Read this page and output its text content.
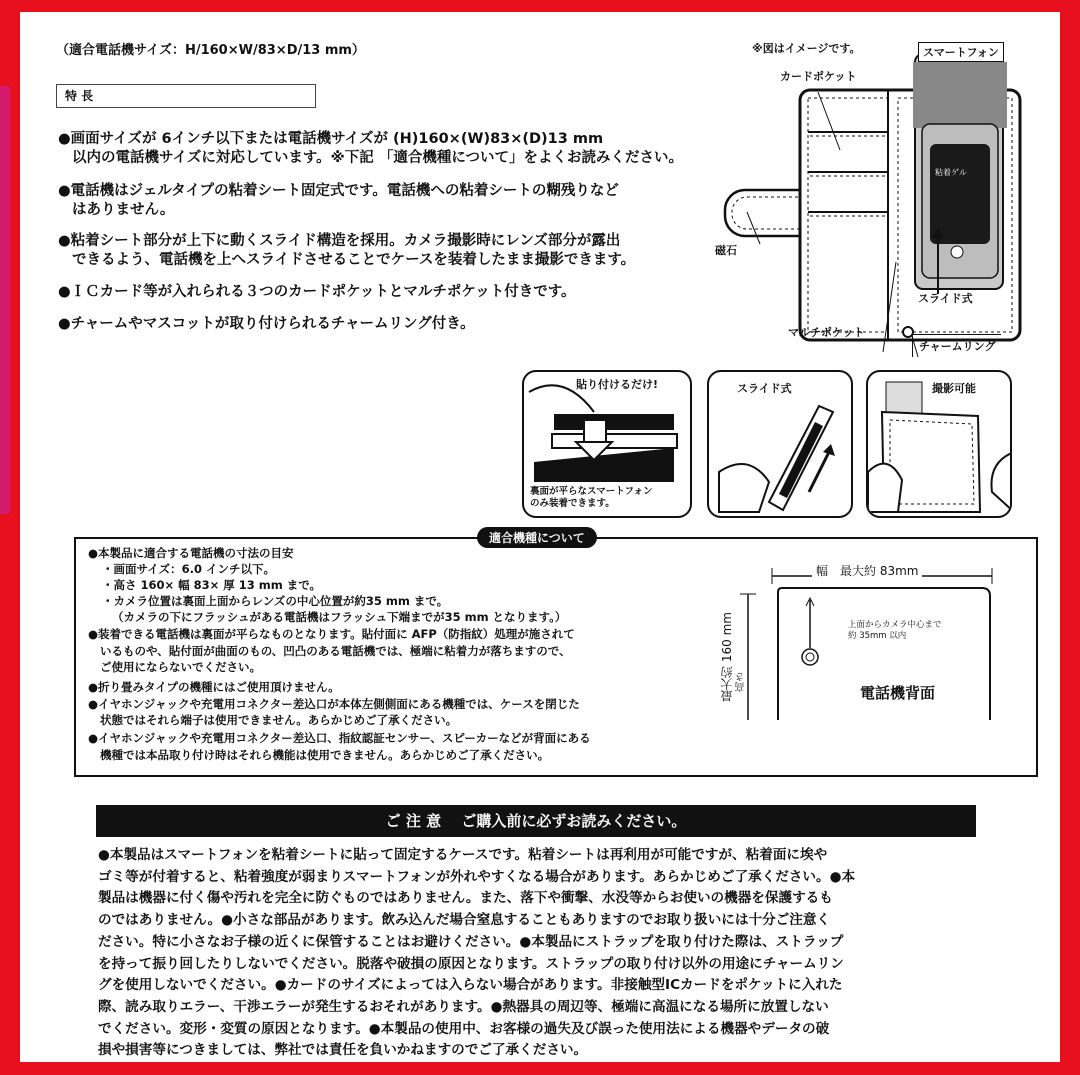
（適合電話機サイズ：H/160×W/83×D/13 mm）
特 長
●画面サイズが 6インチ以下または電話機サイズが (H)160×(W)83×(D)13 mm
以内の電話機サイズに対応しています。※下記 「適合機種について」をよくお読みください。
●電話機はジェルタイプの粘着シート固定式です。電話機への粘着シートの糊残りなど
はありません。
●粘着シート部分が上下に動くスライド構造を採用。カメラ撮影時にレンズ部分が露出
できるよう、電話機を上へスライドさせることでケースを装着したまま撮影できます。
●ＩＣカード等が入れられる３つのカードポケットとマルチポケット付きです。
●チャームやマスコットが取り付けられるチャームリング付き。
※図はイメージです。	スマートフォン
カードポケット
磁石
粘着ゲル
スライド式
マルチポケット
チャームリング
貼り付けるだけ!
裏面が平らなスマートフォン
のみ装着できます。
スライド式	撮影可能
適合機種について
●本製品に適合する電話機の寸法の目安
・画面サイズ：6.0 インチ以下。
・高さ 160× 幅 83× 厚 13 mm まで。
・カメラ位置は裏面上面からレンズの中心位置が約35 mm まで。
（カメラの下にフラッシュがある電話機はフラッシュ下端までが35 mm となります。）
●装着できる電話機は裏面が平らなものとなります。貼付面に AFP（防指紋）処理が施されて
いるものや、貼付面が曲面のもの、凹凸のある電話機では、極端に粘着力が落ちますので、
ご使用にならないでください。
●折り畳みタイプの機種にはご使用頂けません。
●イヤホンジャックや充電用コネクター差込口が本体左側側面にある機種では、ケースを閉じた
状態ではそれら端子は使用できません。あらかじめご了承ください。
●イヤホンジャックや充電用コネクター差込口、指紋認証センサー、スピーカーなどが背面にある
機種では本品取り付け時はそれら機能は使用できません。あらかじめご了承ください。
幅　最大約 83mm
上面からカメラ中心まで
約 35mm 以内
電話機背面
最大約 160 mm 高さ
ご 注 意　 ご購入前に必ずお読みください。
●本製品はスマートフォンを粘着シートに貼って固定するケースです。粘着シートは再利用が可能ですが、粘着面に埃や
ゴミ等が付着すると、粘着強度が弱まりスマートフォンが外れやすくなる場合があります。あらかじめご了承ください。●本
製品は機器に付く傷や汚れを完全に防ぐものではありません。また、落下や衝撃、水没等からお使いの機器を保護するも
のではありません。●小さな部品があります。飲み込んだ場合窒息することもありますのでお取り扱いには十分ご注意く
ださい。特に小さなお子様の近くに保管することはお避けください。●本製品にストラップを取り付けた際は、ストラップ
を持って振り回したりしないでください。脱落や破損の原因となります。ストラップの取り付け以外の用途にチャームリン
グを使用しないでください。●カードのサイズによっては入らない場合があります。非接触型ICカードをポケットに入れた
際、読み取りエラー、干渉エラーが発生するおそれがあります。●熱器具の周辺等、極端に高温になる場所に放置しない
でください。変形・変質の原因となります。●本製品の使用中、お客様の過失及び誤った使用法による機器やデータの破
損や損害等につきましては、弊社では責任を負いかねますのでご了承ください。
